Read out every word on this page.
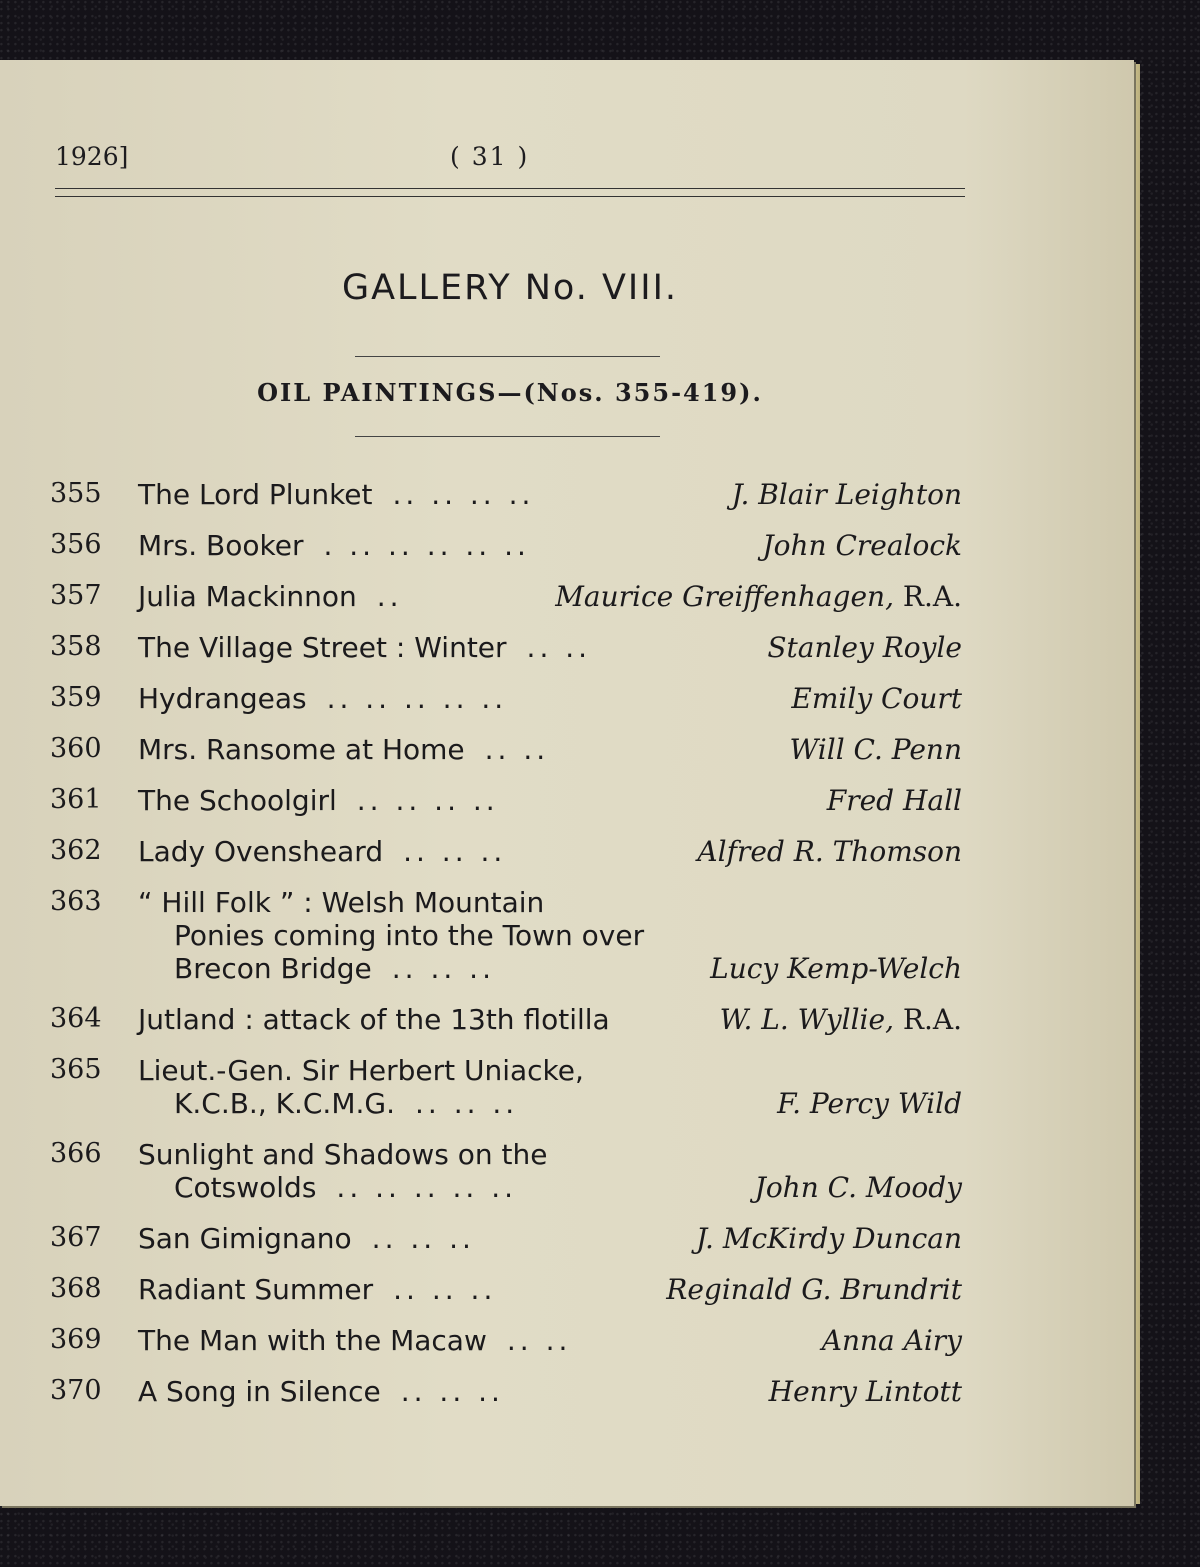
1926]	( 31 )
GALLERY No. VIII.
OIL PAINTINGS—(Nos. 355-419).
355 The Lord Plunket .. .. .. ..	J. Blair Leighton
356 Mrs. Booker . .. .. .. .. ..	John Crealock
357 Julia Mackinnon ..	Maurice Greiffenhagen, R.A.
358 The Village Street : Winter .. ..	Stanley Royle
359 Hydrangeas .. .. .. .. ..	Emily Court
360 Mrs. Ransome at Home .. ..	Will C. Penn
361 The Schoolgirl .. .. .. ..	Fred Hall
362 Lady Ovensheard .. .. ..	Alfred R. Thomson
363 “ Hill Folk ” : Welsh Mountain
Ponies coming into the Town over
Brecon Bridge .. .. ..	Lucy Kemp-Welch
364 Jutland : attack of the 13th flotilla	W. L. Wyllie, R.A.
365 Lieut.-Gen. Sir Herbert Uniacke,
K.C.B., K.C.M.G. .. .. ..	F. Percy Wild
366 Sunlight and Shadows on the
Cotswolds .. .. .. .. ..	John C. Moody
367 San Gimignano .. .. ..	J. McKirdy Duncan
368 Radiant Summer .. .. ..	Reginald G. Brundrit
369 The Man with the Macaw .. ..	Anna Airy
370 A Song in Silence .. .. ..	Henry Lintott
